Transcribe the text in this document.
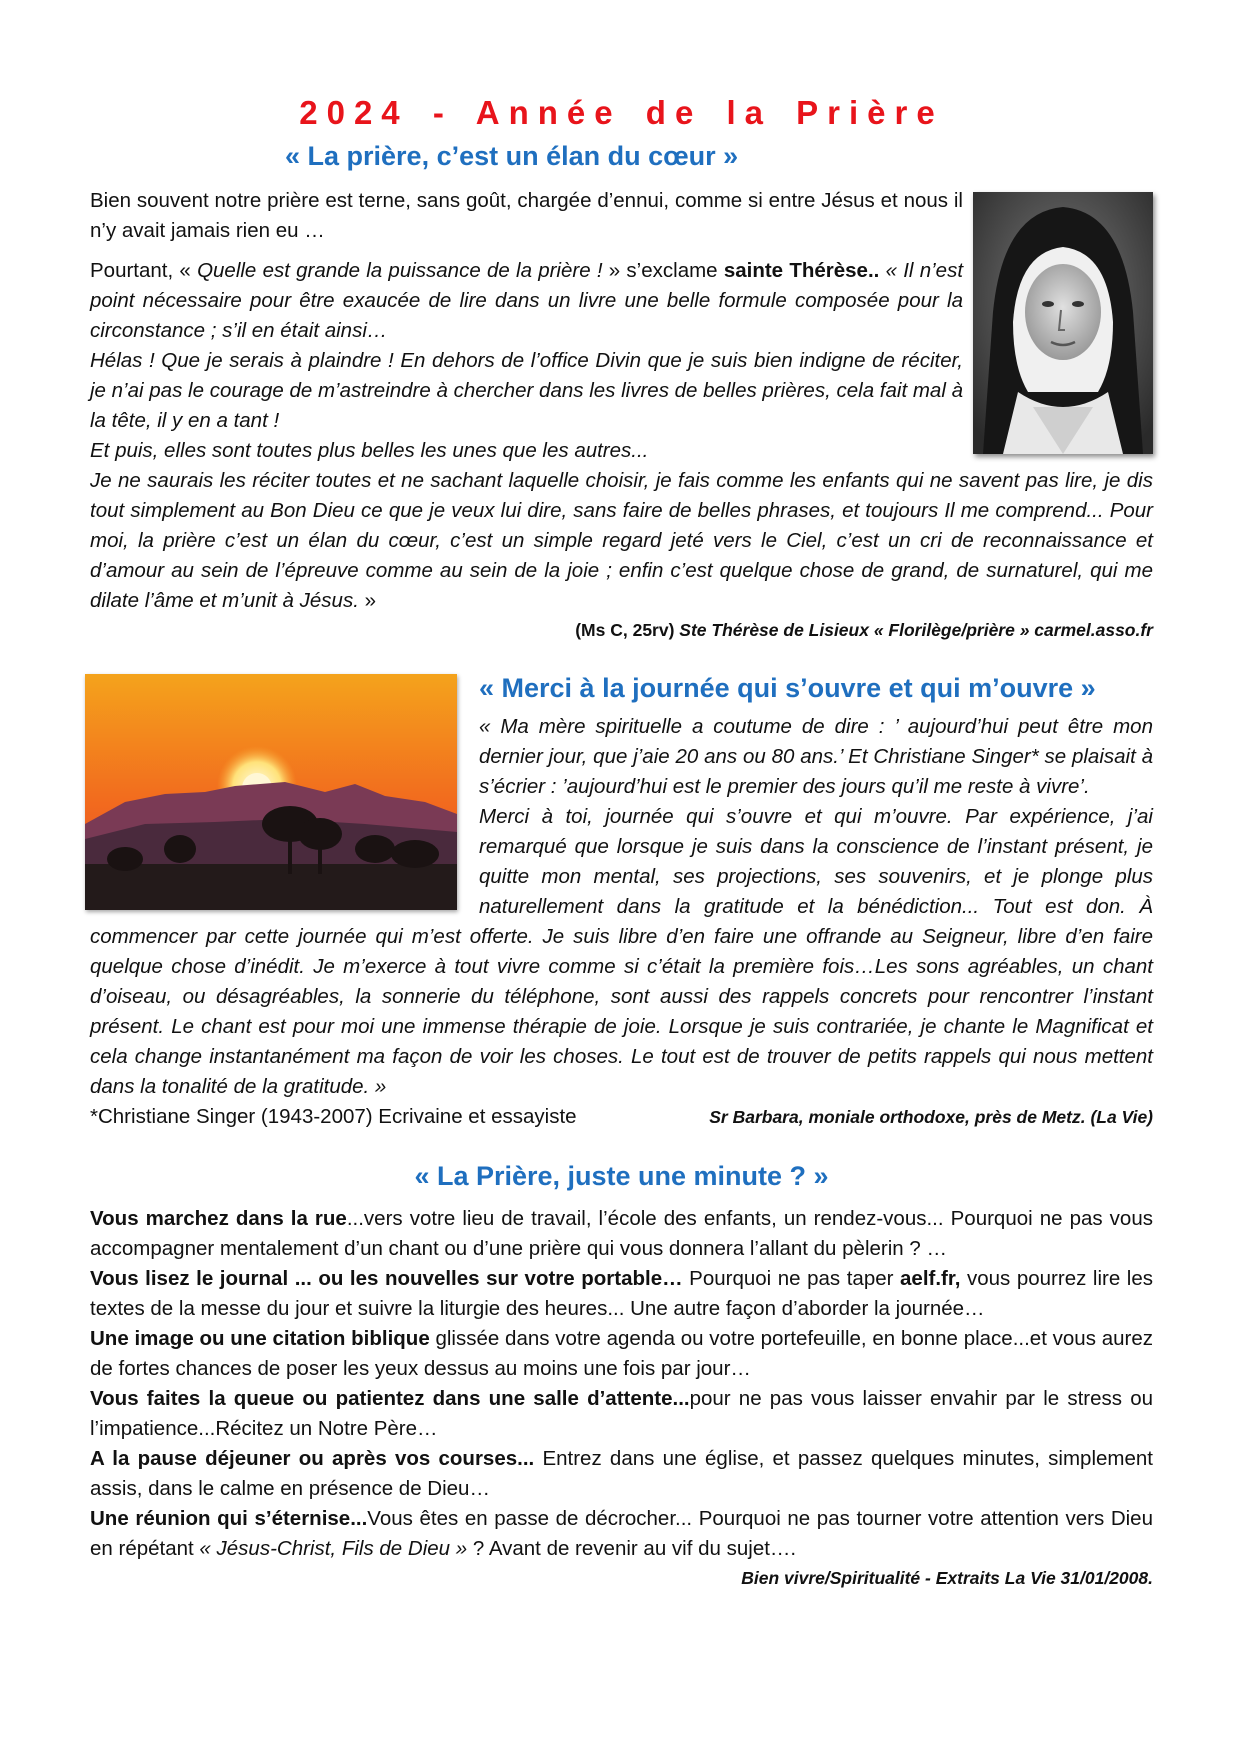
2024 - Année de la Prière
« La prière, c’est un élan du cœur »

Bien souvent notre prière est terne, sans goût, chargée d’ennui, comme si entre Jésus et nous il n’y avait jamais rien eu …

Pourtant, « Quelle est grande la puissance de la prière ! » s’exclame sainte Thérèse.. « Il n’est point nécessaire pour être exaucée de lire dans un livre une belle formule composée pour la circonstance ; s’il en était ainsi…

Hélas ! Que je serais à plaindre ! En dehors de l’office Divin que je suis bien indigne de réciter, je n’ai pas le courage de m’astreindre à chercher dans les livres de belles prières, cela fait mal à la tête, il y en a tant !

Et puis, elles sont toutes plus belles les unes que les autres...

Je ne saurais les réciter toutes et ne sachant laquelle choisir, je fais comme les enfants qui ne savent pas lire, je dis tout simplement au Bon Dieu ce que je veux lui dire, sans faire de belles phrases, et toujours Il me comprend... Pour moi, la prière c’est un élan du cœur, c’est un simple regard jeté vers le Ciel, c’est un cri de reconnaissance et d’amour au sein de l’épreuve comme au sein de la joie ; enfin c’est quelque chose de grand, de surnaturel, qui me dilate l’âme et m’unit à Jésus. »

(Ms C, 25rv) Ste Thérèse de Lisieux « Florilège/prière » carmel.asso.fr

« Merci à la journée qui s’ouvre et qui m’ouvre »

« Ma mère spirituelle a coutume de dire : ’ aujourd’hui peut être mon dernier jour, que j’aie 20 ans ou 80 ans.’ Et Christiane Singer* se plaisait à s’écrier : ’aujourd’hui est le premier des jours qu’il me reste à vivre’.

Merci à toi, journée qui s’ouvre et qui m’ouvre. Par expérience, j’ai remarqué que lorsque je suis dans la conscience de l’instant présent, je quitte mon mental, ses projections, ses souvenirs, et je plonge plus naturellement dans la gratitude et la bénédiction... Tout est don. À commencer par cette journée qui m’est offerte. Je suis libre d’en faire une offrande au Seigneur, libre d’en faire quelque chose d’inédit. Je m’exerce à tout vivre comme si c’était la première fois…Les sons agréables, un chant d’oiseau, ou désagréables, la sonnerie du téléphone, sont aussi des rappels concrets pour rencontrer l’instant présent. Le chant est pour moi une immense thérapie de joie. Lorsque je suis contrariée, je chante le Magnificat et cela change instantanément ma façon de voir les choses. Le tout est de trouver de petits rappels qui nous mettent dans la tonalité de la gratitude. »

*Christiane Singer (1943-2007) Ecrivaine et essayiste	Sr Barbara, moniale orthodoxe, près de Metz. (La Vie)
« La Prière, juste une minute ? »

Vous marchez dans la rue...vers votre lieu de travail, l’école des enfants, un rendez-vous... Pourquoi ne pas vous accompagner mentalement d’un chant ou d’une prière qui vous donnera l’allant du pèlerin ? …

Vous lisez le journal ... ou les nouvelles sur votre portable… Pourquoi ne pas taper aelf.fr, vous pourrez lire les textes de la messe du jour et suivre la liturgie des heures... Une autre façon d’aborder la journée…

Une image ou une citation biblique glissée dans votre agenda ou votre portefeuille, en bonne place...et vous aurez de fortes chances de poser les yeux dessus au moins une fois par jour…

Vous faites la queue ou patientez dans une salle d’attente...pour ne pas vous laisser envahir par le stress ou l’impatience...Récitez un Notre Père…

A la pause déjeuner ou après vos courses... Entrez dans une église, et passez quelques minutes, simplement assis, dans le calme en présence de Dieu…

Une réunion qui s’éternise...Vous êtes en passe de décrocher... Pourquoi ne pas tourner votre attention vers Dieu en répétant « Jésus-Christ, Fils de Dieu » ? Avant de revenir au vif du sujet….

Bien vivre/Spiritualité - Extraits La Vie 31/01/2008.
